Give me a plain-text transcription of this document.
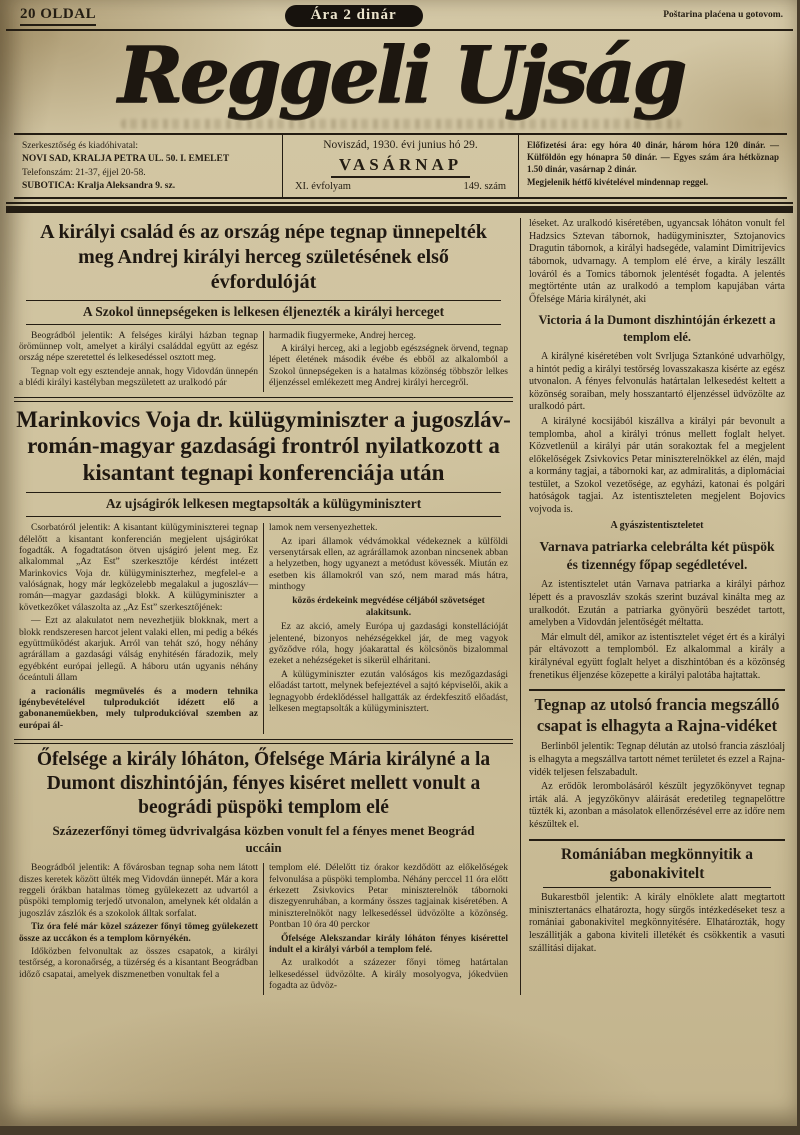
20 OLDAL	Ára 2 dinár	Poštarina plaćena u gotovom.
Reggeli Ujság
Szerkesztőség és kiadóhivatal:
NOVI SAD, KRALJA PETRA UL. 50. I. EMELET
Telefonszám: 21-37, éjjel 20-58.
SUBOTICA: Kralja Aleksandra 9. sz.
Noviszád, 1930. évi junius hó 29.
VASÁRNAP
XI. évfolyam	149. szám
Előfizetési ára: egy hóra 40 dinár, három hóra 120 dinár. — Külföldön egy hónapra 50 dinár. — Egyes szám ára hétköznap 1.50 dinár, vasárnap 2 dinár.
Megjelenik hétfő kivételével mindennap reggel.
A királyi család és az ország népe tegnap ünnepelték meg Andrej királyi herceg születésének első évfordulóját
A Szokol ünnepségeken is lelkesen éljenezték a királyi herceget

Beográdból jelentik: A felséges királyi házban tegnap örömünnep volt, amelyet a királyi családdal együtt az egész ország népe szeretettel és lelkesedéssel osztott meg.

Tegnap volt egy esztendeje annak, hogy Vidovdán ünnepén a blédi királyi kastélyban megszületett az uralkodó pár

harmadik fiugyermeke, Andrej herceg.

A királyi herceg, aki a legjobb egészségnek örvend, tegnap lépett életének második évébe és ebből az alkalomból a Szokol ünnepségeken is a hatalmas közönség többször lelkes éljenzéssel emlékezett meg Andrej királyi hercegről.

Marinkovics Voja dr. külügyminiszter a jugoszláv-román-magyar gazdasági frontról nyilatkozott a kisantant tegnapi konferenciája után
Az ujságirók lelkesen megtapsolták a külügyminisztert

Csorbatóról jelentik: A kisantant külügyminiszterei tegnap délelőtt a kisantant konferencián megjelent ujságirókat fogadták. A fogadtatáson ötven ujságiró jelent meg. Ez alkalommal „Az Est” szerkesztője kérdést intézett Marinkovics Voja dr. külügyminiszterhez, megfelel-e a valóságnak, hogy már legközelebb megalakul a jugoszláv—román—magyar gazdasági blokk. A külügyminiszter a következőket válaszolta az „Az Est” szerkesztőjének:

— Ezt az alakulatot nem nevezhetjük blokknak, mert a blokk rendszeresen harcot jelent valaki ellen, mi pedig a békés együttműködést akarjuk. Arról van tehát szó, hogy néhány agrárállam a gazdasági válság enyhitésén fáradozik, mely egyébként európai jellegű. A háboru után ugyanis néhány óceántuli állam

a racionális megmüvelés és a modern tehnika igénybevételével tulprodukciót idézett elő a gabonanemüekben, mely tulprodukcióval szemben az európai ál-

lamok nem versenyezhettek.

Az ipari államok védvámokkal védekeznek a külföldi versenytársak ellen, az agrárállamok azonban nincsenek abban a helyzetben, hogy ugyanezt a metódust kövessék. Miután ez esetben kis államokról van szó, nem marad más hátra, minthogy

közös érdekeink megvédése céljából szövetséget alakitsunk.

Ez az akció, amely Európa uj gazdasági konstellációját jelentené, bizonyos nehézségekkel jár, de meg vagyok győződve róla, hogy jóakarattal és kölcsönös bizalommal ezeket a nehézségeket is sikerül elháritani.

A külügyminiszter ezután valóságos kis mezőgazdasági előadást tartott, melynek befejeztével a sajtó képviselői, akik a legnagyobb érdeklődéssel hallgatták az érdekfeszitő előadást, lelkesen megtapsolták a külügyminisztert.

Őfelsége a király lóháton, Őfelsége Mária királyné a la Dumont diszhintóján, fényes kiséret mellett vonult a beográdi püspöki templom elé
Százezerfőnyi tömeg üdvrivalgása közben vonult fel a fényes menet Beográd uccáin

Beográdból jelentik: A fővárosban tegnap soha nem látott diszes keretek között ülték meg Vidovdán ünnepét. Már a kora reggeli órákban hatalmas tömeg gyülekezett az udvartól a püspöki templomig terjedő utvonalon, amelynek két oldalán a jugoszláv zászlók és a szokolok álltak sorfalat.

Tiz óra felé már közel százezer főnyi tömeg gyülekezett össze az uccákon és a templom környékén.

Időközben felvonultak az összes csapatok, a királyi testőrség, a koronaőrség, a tüzérség és a kisantant Beográdban időző csapatai, amelyek diszmenetben vonultak fel a

templom elé. Délelőtt tiz órakor kezdődött az előkelőségek felvonulása a püspöki templomba. Néhány perccel 11 óra előtt érkezett Zsivkovics Petar miniszterelnök tábornoki diszegyenruhában, a kormány összes tagjainak kiséretében. A miniszterelnököt nagy lelkesedéssel üdvözölte a közönség. Pontban 10 óra 40 perckor

Őfelsége Alekszandar király lóháton fényes kisérettel indult el a királyi várból a templom felé.

Az uralkodót a százezer főnyi tömeg határtalan lelkesedéssel üdvözölte. A király mosolyogva, jókedvüen fogadta az üdvöz-

léseket. Az uralkodó kiséretében, ugyancsak lóháton vonult fel Hadzsics Sztevan tábornok, hadügyminiszter, Sztojanovics Dragutin tábornok, a királyi hadsegéde, valamint Dimitrijevics tábornok, udvarnagy. A templom elé érve, a király leszállt lováról és a Tomics tábornok jelentését fogadta. A jelentés megtörténte után az uralkodó a templom kapujában várta Őfelsége Mária királynét, aki

Victoria á la Dumont diszhintóján érkezett a templom elé.

A királyné kiséretében volt Svrljuga Sztankóné udvarhölgy, a hintót pedig a királyi testőrség lovasszakasza kisérte az egész utvonalon. A fényes felvonulás határtalan lelkesedést keltett a közönség soraiban, mely hosszantartó éljenzéssel üdvözölte az uralkodó párt.

A királyné kocsijából kiszállva a királyi pár bevonult a templomba, ahol a királyi trónus mellett foglalt helyet. Közvetlenül a királyi pár után sorakoztak fel a megjelent előkelőségek Zsivkovics Petar miniszterelnökkel az élén, majd a kormány tagjai, a tábornoki kar, az admiralitás, a diplomáciai testület, a Szokol vezetősége, az egyházi, katonai és polgári hatóságok tagjai. Az istentiszteleten megjelent Bojovics vojvoda is.

A gyászistentiszteletet

Varnava patriarka celebrálta két püspök és tizennégy főpap segédletével.

Az istentisztelet után Varnava patriarka a királyi párhoz lépett és a pravoszláv szokás szerint buzával kinálta meg az uralkodót. Ezután a patriarka gyönyörü beszédet tartott, amelyben a Vidovdán jelentőségét méltatta.

Már elmult dél, amikor az istentisztelet véget ért és a királyi pár eltávozott a templomból. Ez alkalommal a király a királynéval együtt foglalt helyet a diszhintóban és a közönség frenetikus éljenzése közepette a királyi palotába hajtattak.

Tegnap az utolsó francia megszálló csapat is elhagyta a Rajna-vidéket

Berlinből jelentik: Tegnap délután az utolsó francia zászlóalj is elhagyta a megszállva tartott német területet és ezzel a Rajna-vidék teljesen felszabadult.

Az erődök lerombolásáról készült jegyzőkönyvet tegnap irták alá. A jegyzőkönyv aláirását eredetileg tegnapelőttre tüzték ki, azonban a másolatok ellenőrzésével erre az időre nem készültek el.

Romániában megkönnyitik a gabonakivitelt

Bukarestből jelentik: A király elnöklete alatt megtartott minisztertanács elhatározta, hogy sürgős intézkedéseket tesz a romániai gabonakivitel megkönnyitésére. Elhatározták, hogy leszállitják a gabona kiviteli illetékét és csökkentik a vasuti szállitási dijakat.
